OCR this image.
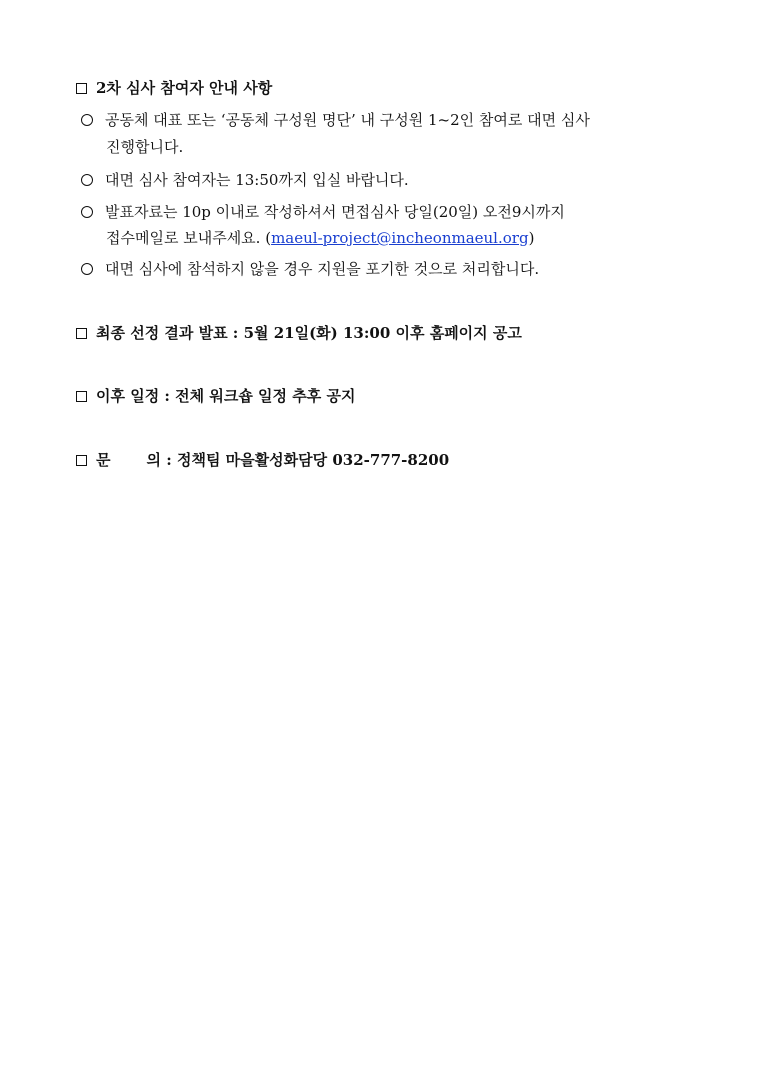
2차 심사 참여자 안내 사항
공동체 대표 또는 ‘공동체 구성원 명단’ 내 구성원 1~2인 참여로 대면 심사
진행합니다.
대면 심사 참여자는 13:50까지 입실 바랍니다.
발표자료는 10p 이내로 작성하셔서 면접심사 당일(20일) 오전9시까지
접수메일로 보내주세요. (maeul-project@incheonmaeul.org)
대면 심사에 참석하지 않을 경우 지원을 포기한 것으로 처리합니다.
최종 선정 결과 발표 : 5월 21일(화) 13:00 이후 홈페이지 공고
이후 일정 : 전체 워크숍 일정 추후 공지
문 의 : 정책팀 마을활성화담당 032-777-8200
